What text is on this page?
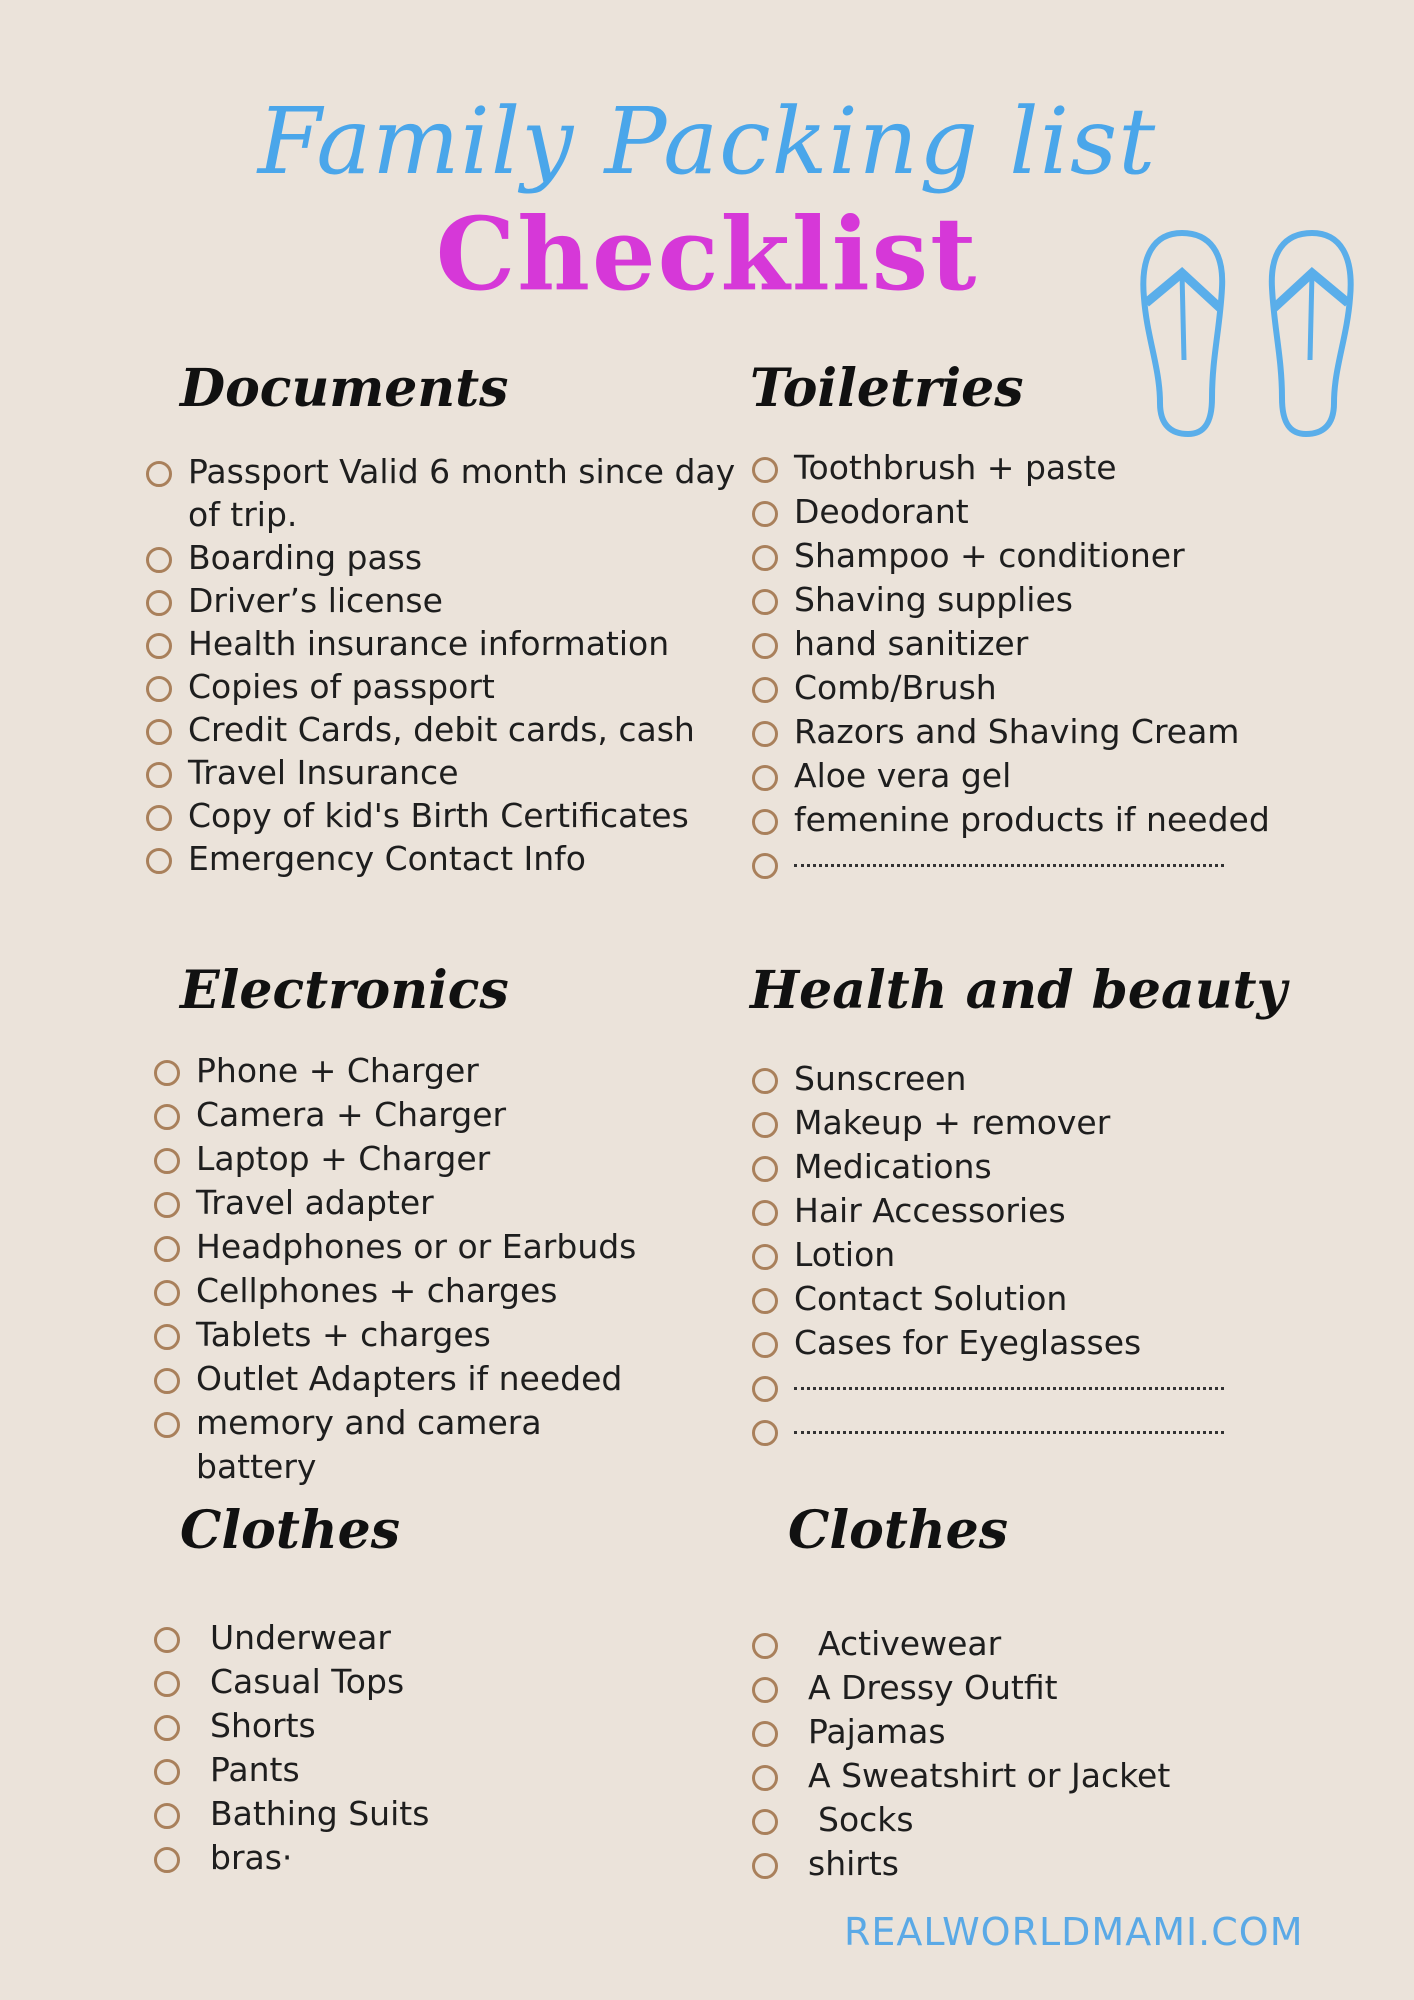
Family Packing list
Checklist
Documents
Passport Valid 6 month since day of trip.
Boarding pass
Driver’s license
Health insurance information
Copies of passport
Credit Cards, debit cards, cash
Travel Insurance
Copy of kid's Birth Certificates
Emergency Contact Info
Toiletries
Toothbrush + paste
Deodorant
Shampoo + conditioner
Shaving supplies
hand sanitizer
Comb/Brush
Razors and Shaving Cream
Aloe vera gel
femenine products if needed
Electronics
Phone + Charger
Camera + Charger
Laptop + Charger
Travel adapter
Headphones or or Earbuds
Cellphones + charges
Tablets + charges
Outlet Adapters if needed
memory and camera battery
Health and beauty
Sunscreen
Makeup + remover
Medications
Hair Accessories
Lotion
Contact Solution
Cases for Eyeglasses
Clothes
Underwear
Casual Tops
Shorts
Pants
Bathing Suits
bras·
Clothes
Activewear
A Dressy Outfit
Pajamas
A Sweatshirt or Jacket
Socks
shirts
REALWORLDMAMI.COM
